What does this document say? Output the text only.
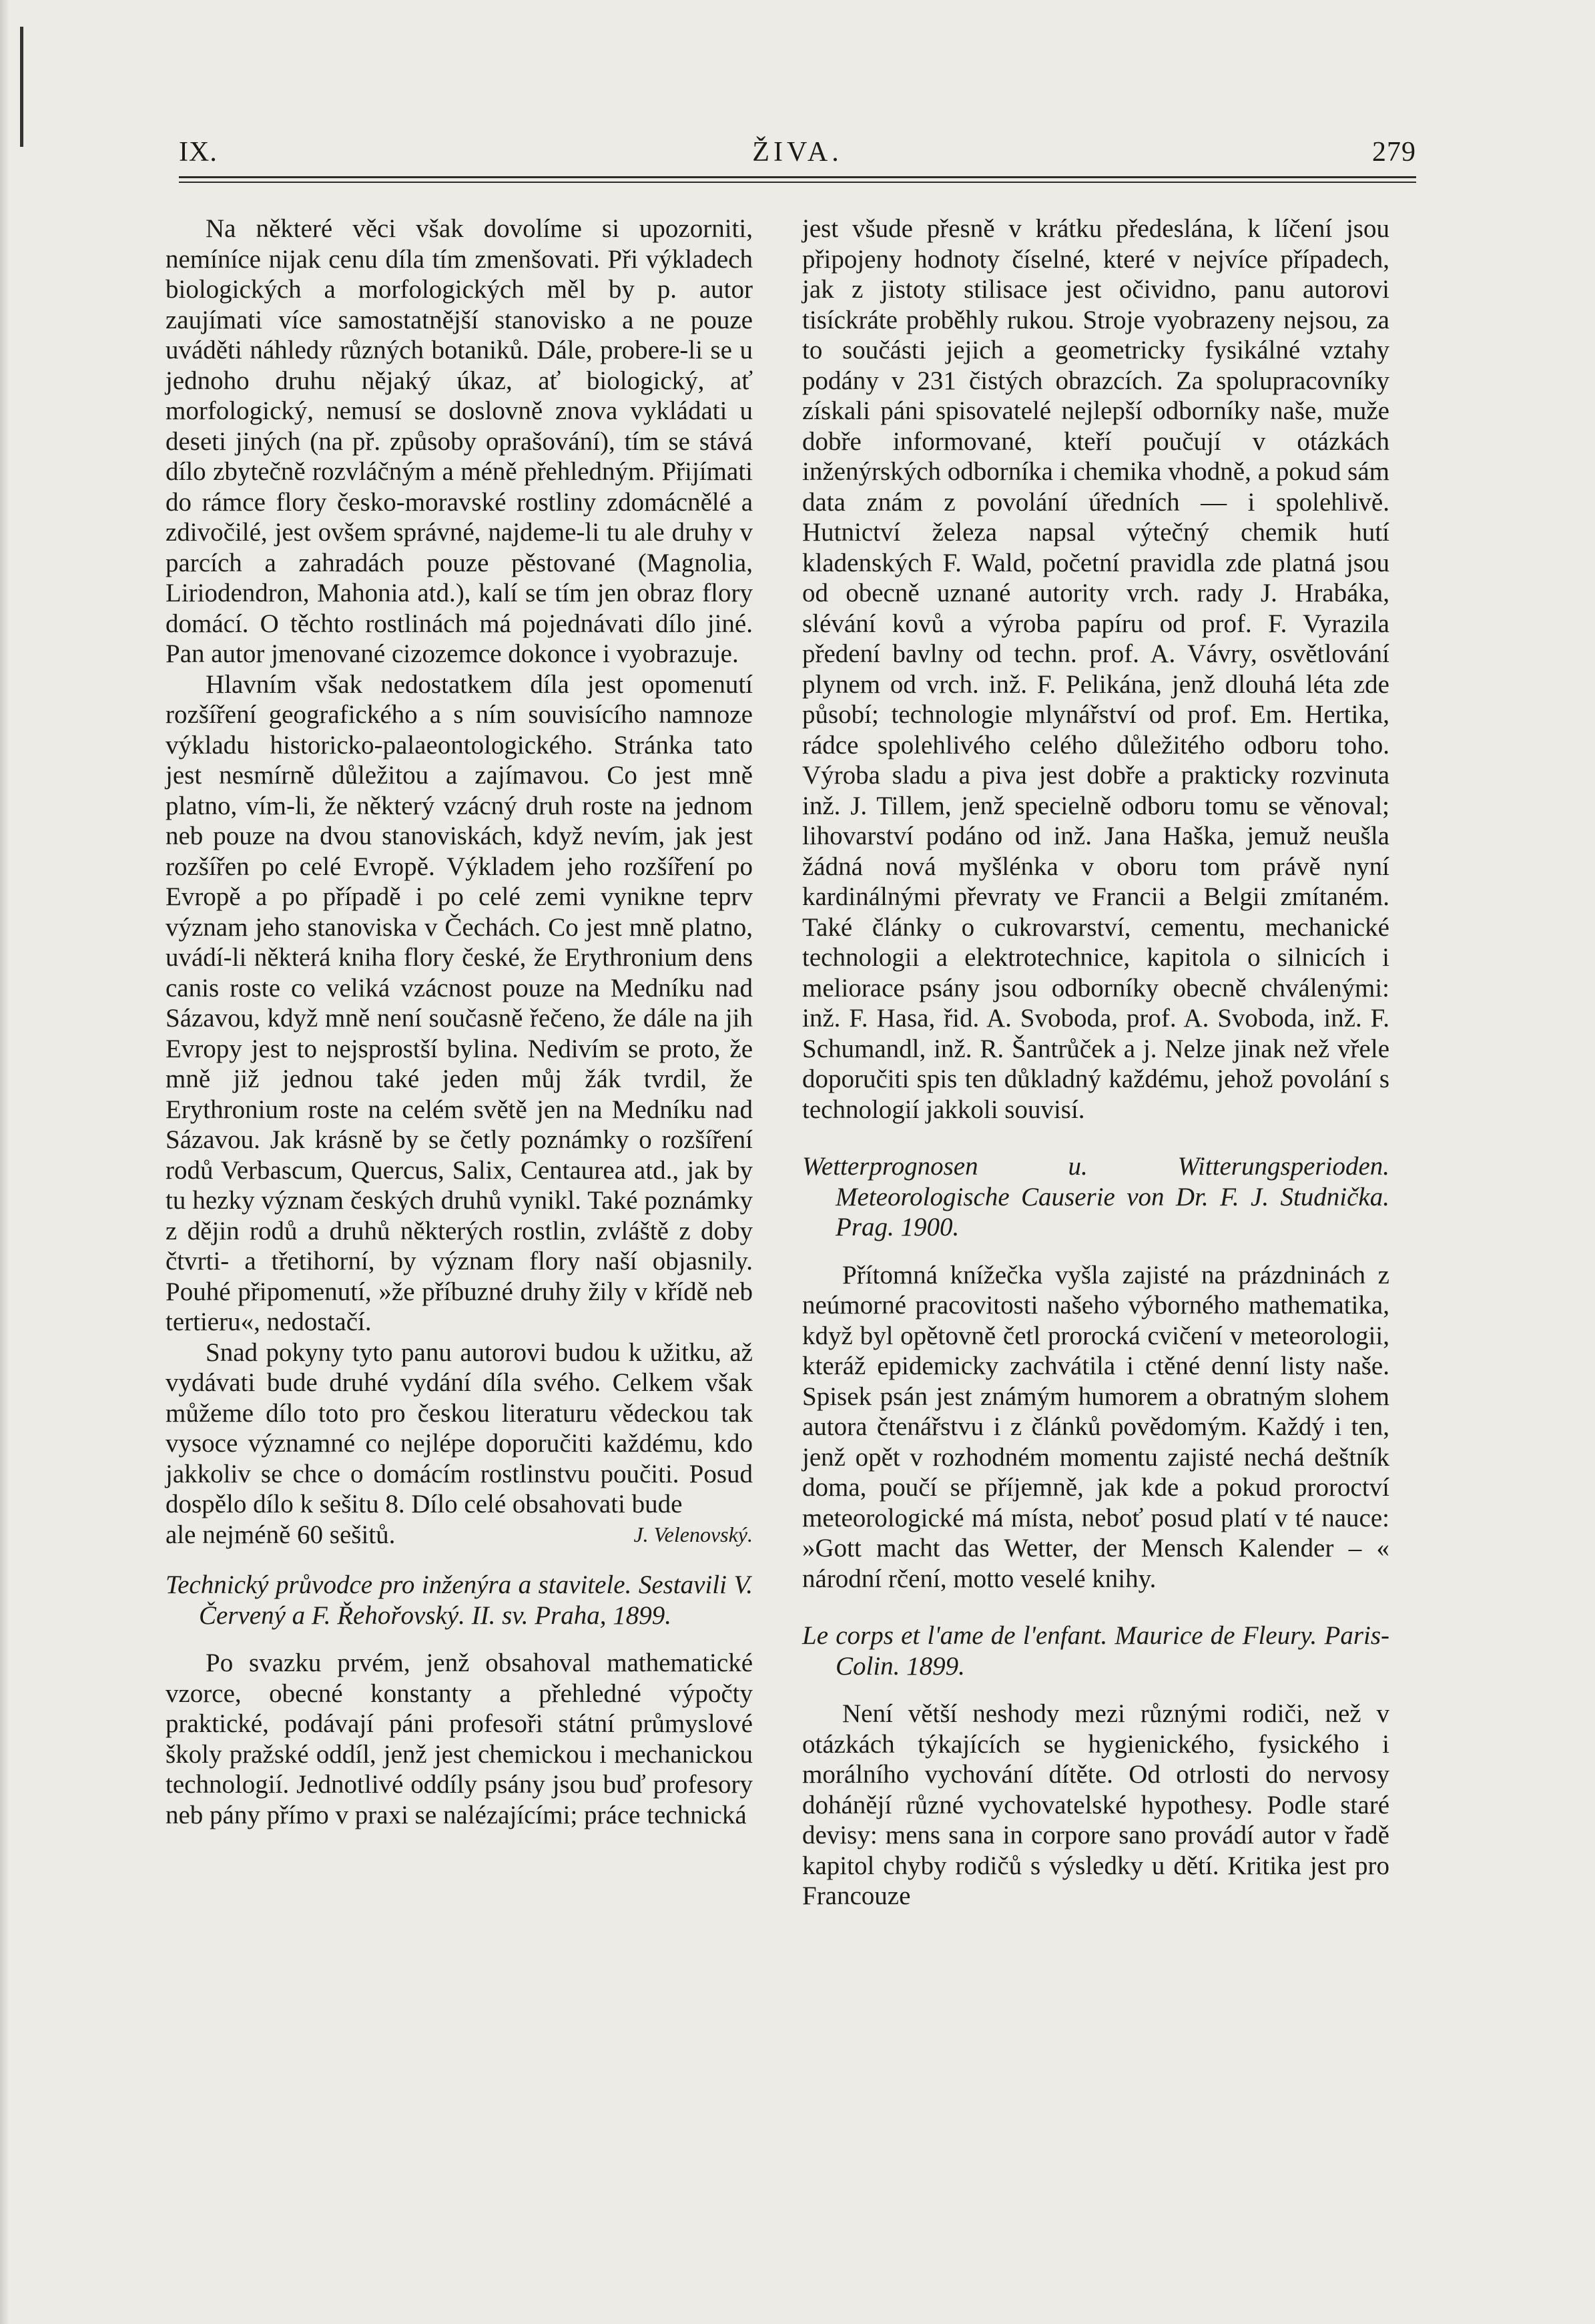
IX.	ŽIVA.	279

Na některé věci však dovolíme si upozorniti, nemíníce nijak cenu díla tím zmenšovati. Při výkladech biologických a morfologických měl by p. autor zaujímati více samostatnější stanovisko a ne pouze uváděti náhledy různých botaniků. Dále, probere-li se u jednoho druhu nějaký úkaz, ať biologický, ať morfologický, nemusí se doslovně znova vykládati u deseti jiných (na př. způsoby oprašování), tím se stává dílo zbytečně rozvláčným a méně přehledným. Přijímati do rámce flory česko-moravské rostliny zdomácnělé a zdivočilé, jest ovšem správné, najdeme-li tu ale druhy v parcích a zahradách pouze pěstované (Magnolia, Liriodendron, Mahonia atd.), kalí se tím jen obraz flory domácí. O těchto rostlinách má pojednávati dílo jiné. Pan autor jmenované cizozemce dokonce i vyobrazuje.

Hlavním však nedostatkem díla jest opomenutí rozšíření geografického a s ním souvisícího namnoze výkladu historicko-palaeontologického. Stránka tato jest nesmírně důležitou a zajímavou. Co jest mně platno, vím-li, že některý vzácný druh roste na jednom neb pouze na dvou stanoviskách, když nevím, jak jest rozšířen po celé Evropě. Výkladem jeho rozšíření po Evropě a po případě i po celé zemi vynikne teprv význam jeho stanoviska v Čechách. Co jest mně platno, uvádí-li některá kniha flory české, že Erythronium dens canis roste co veliká vzácnost pouze na Medníku nad Sázavou, když mně není současně řečeno, že dále na jih Evropy jest to nejsprostší bylina. Nedivím se proto, že mně již jednou také jeden můj žák tvrdil, že Erythronium roste na celém světě jen na Medníku nad Sázavou. Jak krásně by se četly poznámky o rozšíření rodů Verbascum, Quercus, Salix, Centaurea atd., jak by tu hezky význam českých druhů vynikl. Také poznámky z dějin rodů a druhů některých rostlin, zvláště z doby čtvrti- a třetihorní, by význam flory naší objasnily. Pouhé připomenutí, »že příbuzné druhy žily v křídě neb tertieru«, nedostačí.

Snad pokyny tyto panu autorovi budou k užitku, až vydávati bude druhé vydání díla svého. Celkem však můžeme dílo toto pro českou literaturu vědeckou tak vysoce významné co nejlépe doporučiti každému, kdo jakkoliv se chce o domácím rostlinstvu poučiti. Posud dospělo dílo k sešitu 8. Dílo celé obsahovati bude

ale nejméně 60 sešitů.	J. Velenovský.

Technický průvodce pro inženýra a stavitele. Sestavili V. Červený a F. Řehořovský. II. sv. Praha, 1899.

Po svazku prvém, jenž obsahoval mathematické vzorce, obecné konstanty a přehledné výpočty praktické, podávají páni profesoři státní průmyslové školy pražské oddíl, jenž jest chemickou i mechanickou technologií. Jednotlivé oddíly psány jsou buď profesory neb pány přímo v praxi se nalézajícími; práce technická

jest všude přesně v krátku předeslána, k líčení jsou připojeny hodnoty číselné, které v nejvíce případech, jak z jistoty stilisace jest očividno, panu autorovi tisíckráte proběhly rukou. Stroje vyobrazeny nejsou, za to součásti jejich a geometricky fysikálné vztahy podány v 231 čistých obrazcích. Za spolupracovníky získali páni spisovatelé nejlepší odborníky naše, muže dobře informované, kteří poučují v otázkách inženýrských odborníka i chemika vhodně, a pokud sám data znám z povolání úředních — i spolehlivě. Hutnictví železa napsal výtečný chemik hutí kladenských F. Wald, početní pravidla zde platná jsou od obecně uznané autority vrch. rady J. Hrabáka, slévání kovů a výroba papíru od prof. F. Vyrazila předení bavlny od techn. prof. A. Vávry, osvětlování plynem od vrch. inž. F. Pelikána, jenž dlouhá léta zde působí; technologie mlynářství od prof. Em. Hertika, rádce spolehlivého celého důležitého odboru toho. Výroba sladu a piva jest dobře a prakticky rozvinuta inž. J. Tillem, jenž specielně odboru tomu se věnoval; lihovarství podáno od inž. Jana Haška, jemuž neušla žádná nová myšlénka v oboru tom právě nyní kardinálnými převraty ve Francii a Belgii zmítaném. Také články o cukrovarství, cementu, mechanické technologii a elektrotechnice, kapitola o silnicích i meliorace psány jsou odborníky obecně chválenými: inž. F. Hasa, řid. A. Svoboda, prof. A. Svoboda, inž. F. Schumandl, inž. R. Šantrůček a j. Nelze jinak než vřele doporučiti spis ten důkladný každému, jehož povolání s technologií jakkoli souvisí.

Wetterprognosen u. Witterungsperioden. Meteorologische Causerie von Dr. F. J. Studnička. Prag. 1900.

Přítomná knížečka vyšla zajisté na prázdninách z neúmorné pracovitosti našeho výborného mathematika, když byl opětovně četl prorocká cvičení v meteorologii, kteráž epidemicky zachvátila i ctěné denní listy naše. Spisek psán jest známým humorem a obratným slohem autora čtenářstvu i z článků povědomým. Každý i ten, jenž opět v rozhodném momentu zajisté nechá deštník doma, poučí se příjemně, jak kde a pokud proroctví meteorologické má místa, neboť posud platí v té nauce: »Gott macht das Wetter, der Mensch Kalender – « národní rčení, motto veselé knihy.

Le corps et l'ame de l'enfant. Maurice de Fleury. Paris-Colin. 1899.

Není větší neshody mezi různými rodiči, než v otázkách týkajících se hygienického, fysického i morálního vychování dítěte. Od otrlosti do nervosy dohánějí různé vychovatelské hypothesy. Podle staré devisy: mens sana in corpore sano provádí autor v řadě kapitol chyby rodičů s výsledky u dětí. Kritika jest pro Francouze
